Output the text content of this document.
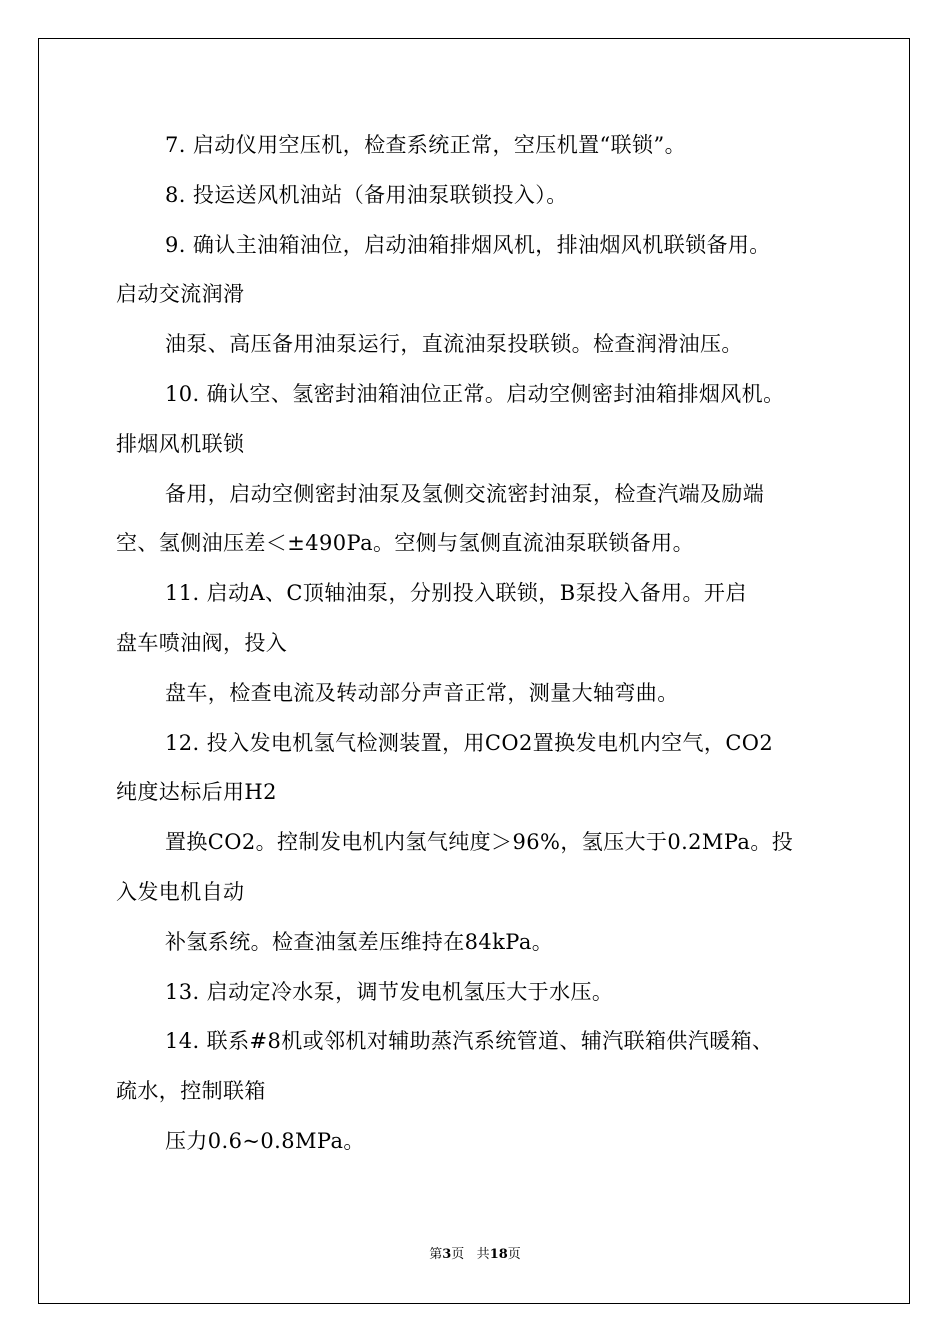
7. 启动仪用空压机，检查系统正常，空压机置“联锁”。
8. 投运送风机油站（备用油泵联锁投入）。
9. 确认主油箱油位，启动油箱排烟风机，排油烟风机联锁备用。
启动交流润滑
油泵、高压备用油泵运行，直流油泵投联锁。检查润滑油压。
10. 确认空、氢密封油箱油位正常。启动空侧密封油箱排烟风机。
排烟风机联锁
备用，启动空侧密封油泵及氢侧交流密封油泵，检查汽端及励端
空、氢侧油压差＜±490Pa。空侧与氢侧直流油泵联锁备用。
11. 启动A、C顶轴油泵，分别投入联锁，B泵投入备用。开启
盘车喷油阀，投入
盘车，检查电流及转动部分声音正常，测量大轴弯曲。
12. 投入发电机氢气检测装置，用CO2置换发电机内空气，CO2
纯度达标后用H2
置换CO2。控制发电机内氢气纯度＞96%，氢压大于0.2MPa。投
入发电机自动
补氢系统。检查油氢差压维持在84kPa。
13. 启动定冷水泵，调节发电机氢压大于水压。
14. 联系#8机或邻机对辅助蒸汽系统管道、辅汽联箱供汽暖箱、
疏水，控制联箱
压力0.6~0.8MPa。
第3页 共18页
